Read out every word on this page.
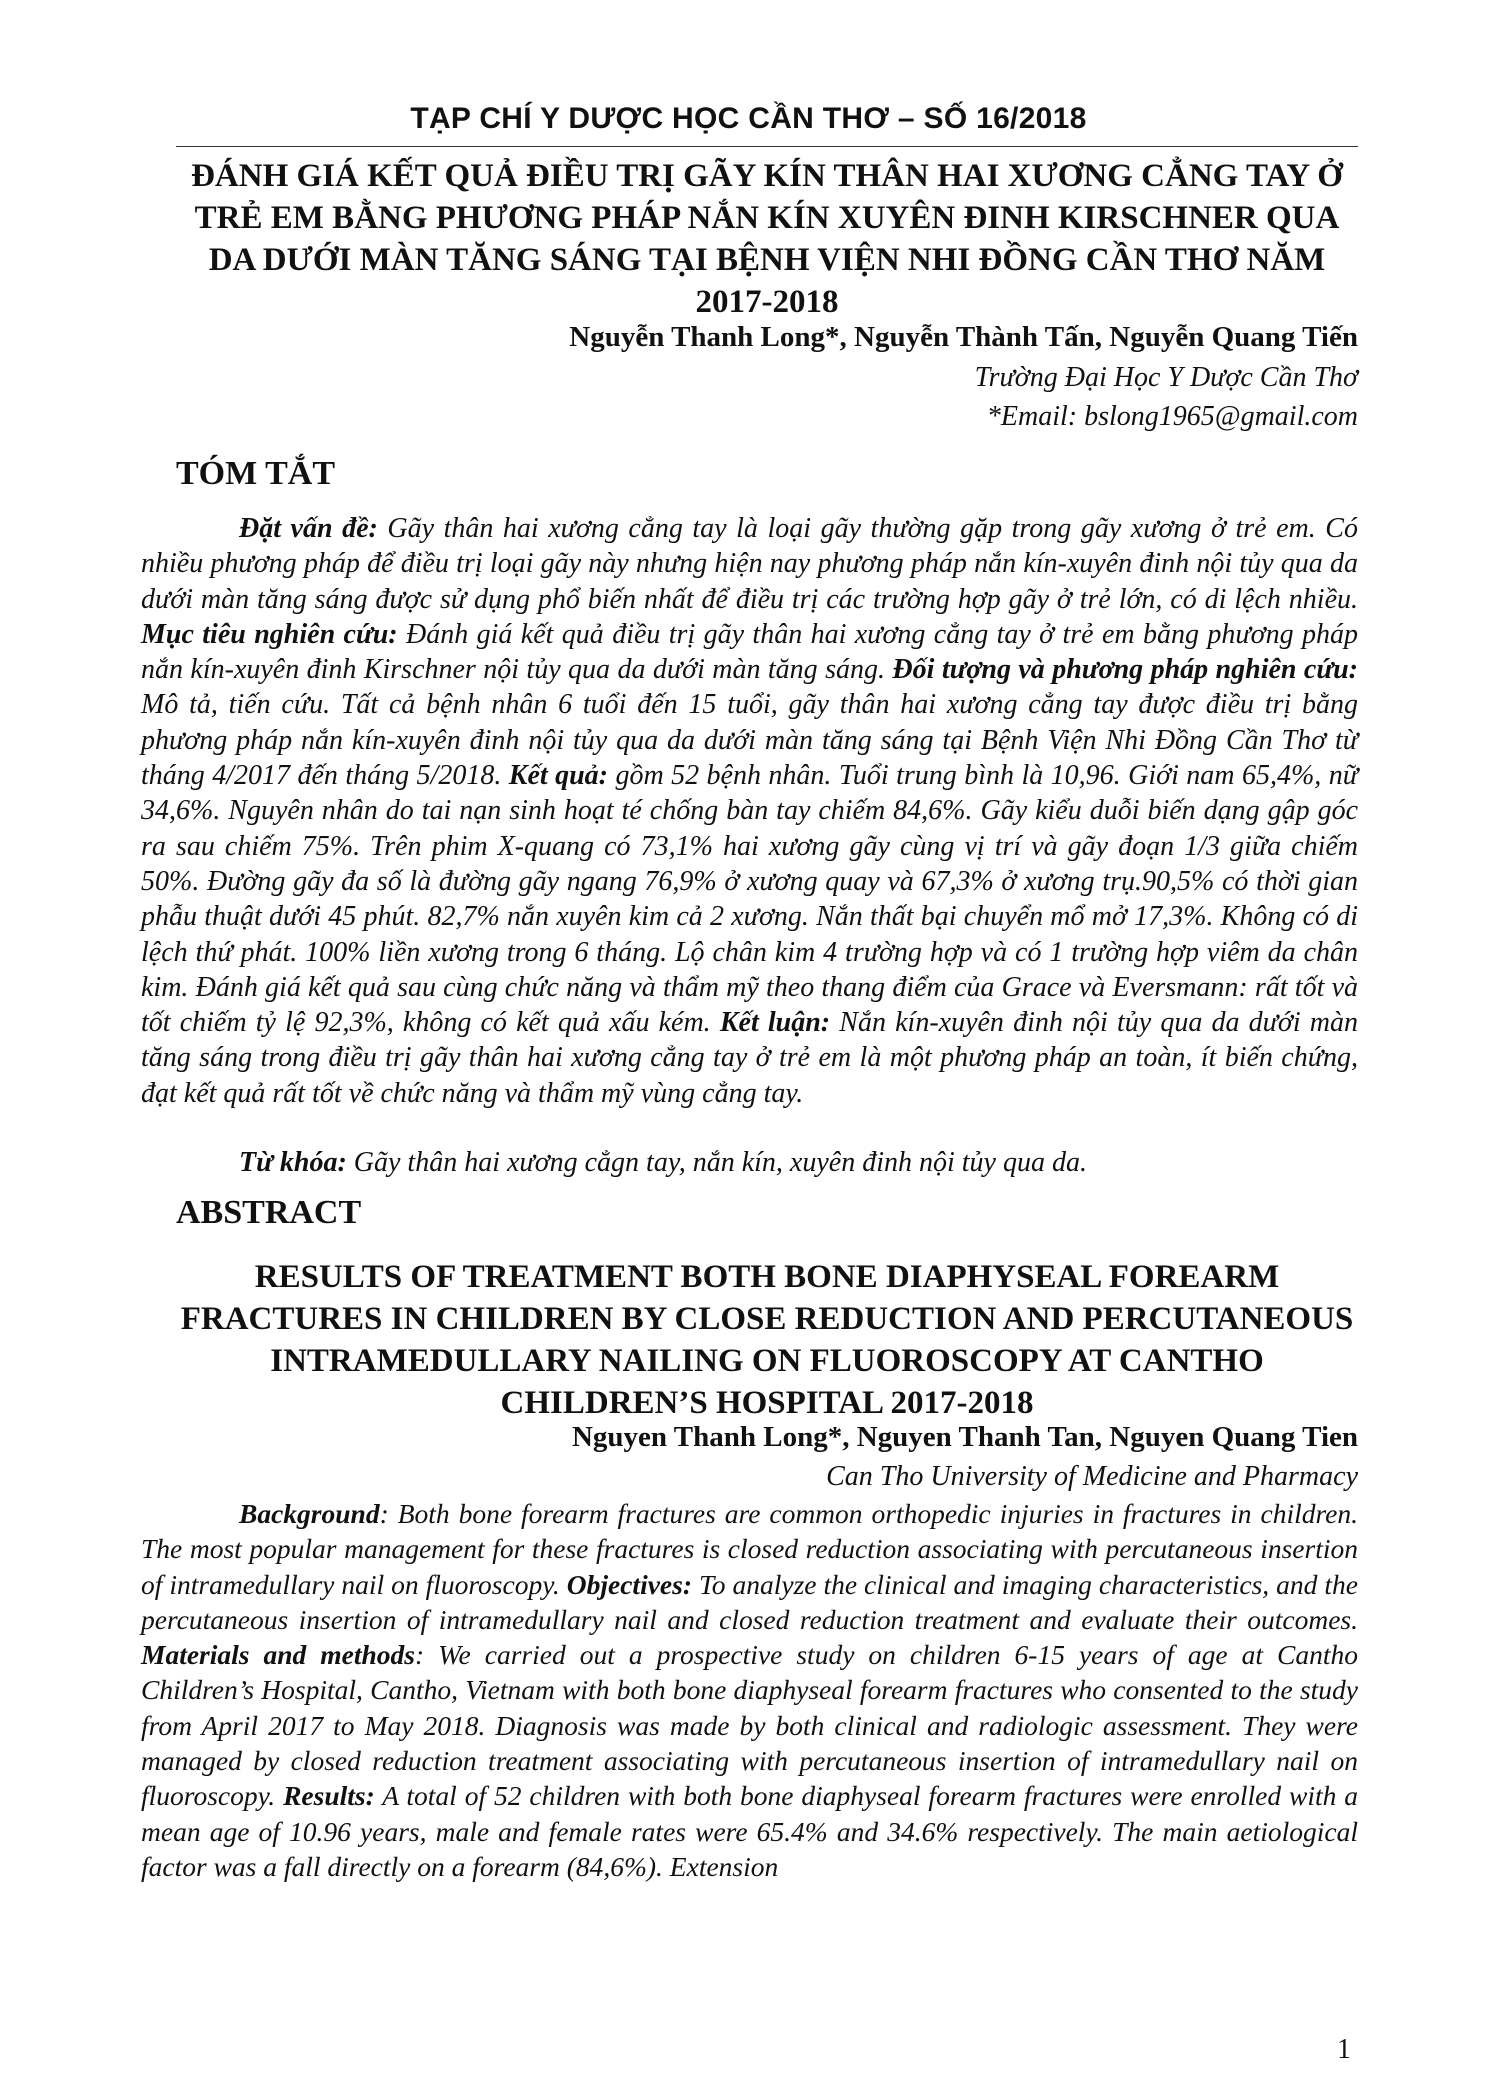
TẠP CHÍ Y DƯỢC HỌC CẦN THƠ – SỐ 16/2018
ĐÁNH GIÁ KẾT QUẢ ĐIỀU TRỊ GÃY KÍN THÂN HAI XƯƠNG CẲNG TAY Ở TRẺ EM BẰNG PHƯƠNG PHÁP NẮN KÍN XUYÊN ĐINH KIRSCHNER QUA DA DƯỚI MÀN TĂNG SÁNG TẠI BỆNH VIỆN NHI ĐỒNG CẦN THƠ NĂM 2017-2018

Nguyễn Thanh Long*, Nguyễn Thành Tấn, Nguyễn Quang Tiến

Trường Đại Học Y Dược Cần Thơ

*Email: bslong1965@gmail.com

TÓM TẮT

Đặt vấn đề: Gãy thân hai xương cẳng tay là loại gãy thường gặp trong gãy xương ở trẻ em. Có nhiều phương pháp để điều trị loại gãy này nhưng hiện nay phương pháp nắn kín-xuyên đinh nội tủy qua da dưới màn tăng sáng được sử dụng phổ biến nhất để điều trị các trường hợp gãy ở trẻ lớn, có di lệch nhiều. Mục tiêu nghiên cứu: Đánh giá kết quả điều trị gãy thân hai xương cẳng tay ở trẻ em bằng phương pháp nắn kín-xuyên đinh Kirschner nội tủy qua da dưới màn tăng sáng. Đối tượng và phương pháp nghiên cứu: Mô tả, tiến cứu. Tất cả bệnh nhân 6 tuổi đến 15 tuổi, gãy thân hai xương cẳng tay được điều trị bằng phương pháp nắn kín-xuyên đinh nội tủy qua da dưới màn tăng sáng tại Bệnh Viện Nhi Đồng Cần Thơ từ tháng 4/2017 đến tháng 5/2018. Kết quả: gồm 52 bệnh nhân. Tuổi trung bình là 10,96. Giới nam 65,4%, nữ 34,6%. Nguyên nhân do tai nạn sinh hoạt té chống bàn tay chiếm 84,6%. Gãy kiểu duỗi biến dạng gập góc ra sau chiếm 75%. Trên phim X-quang có 73,1% hai xương gãy cùng vị trí và gãy đoạn 1/3 giữa chiếm 50%. Đường gãy đa số là đường gãy ngang 76,9% ở xương quay và 67,3% ở xương trụ.90,5% có thời gian phẫu thuật dưới 45 phút. 82,7% nắn xuyên kim cả 2 xương. Nắn thất bại chuyển mổ mở 17,3%. Không có di lệch thứ phát. 100% liền xương trong 6 tháng. Lộ chân kim 4 trường hợp và có 1 trường hợp viêm da chân kim. Đánh giá kết quả sau cùng chức năng và thẩm mỹ theo thang điểm của Grace và Eversmann: rất tốt và tốt chiếm tỷ lệ 92,3%, không có kết quả xấu kém. Kết luận: Nắn kín-xuyên đinh nội tủy qua da dưới màn tăng sáng trong điều trị gãy thân hai xương cẳng tay ở trẻ em là một phương pháp an toàn, ít biến chứng, đạt kết quả rất tốt về chức năng và thẩm mỹ vùng cẳng tay.

Từ khóa: Gãy thân hai xương cẳgn tay, nắn kín, xuyên đinh nội tủy qua da.

ABSTRACT
RESULTS OF TREATMENT BOTH BONE DIAPHYSEAL FOREARM FRACTURES IN CHILDREN BY CLOSE REDUCTION AND PERCUTANEOUS INTRAMEDULLARY NAILING ON FLUOROSCOPY AT CANTHO CHILDREN’S HOSPITAL 2017-2018

Nguyen Thanh Long*, Nguyen Thanh Tan, Nguyen Quang Tien

Can Tho University of Medicine and Pharmacy

Background: Both bone forearm fractures are common orthopedic injuries in fractures in children. The most popular management for these fractures is closed reduction associating with percutaneous insertion of intramedullary nail on fluoroscopy. Objectives: To analyze the clinical and imaging characteristics, and the percutaneous insertion of intramedullary nail and closed reduction treatment and evaluate their outcomes. Materials and methods: We carried out a prospective study on children 6-15 years of age at Cantho Children’s Hospital, Cantho, Vietnam with both bone diaphyseal forearm fractures who consented to the study from April 2017 to May 2018. Diagnosis was made by both clinical and radiologic assessment. They were managed by closed reduction treatment associating with percutaneous insertion of intramedullary nail on fluoroscopy. Results: A total of 52 children with both bone diaphyseal forearm fractures were enrolled with a mean age of 10.96 years, male and female rates were 65.4% and 34.6% respectively. The main aetiological factor was a fall directly on a forearm (84,6%). Extension

1
